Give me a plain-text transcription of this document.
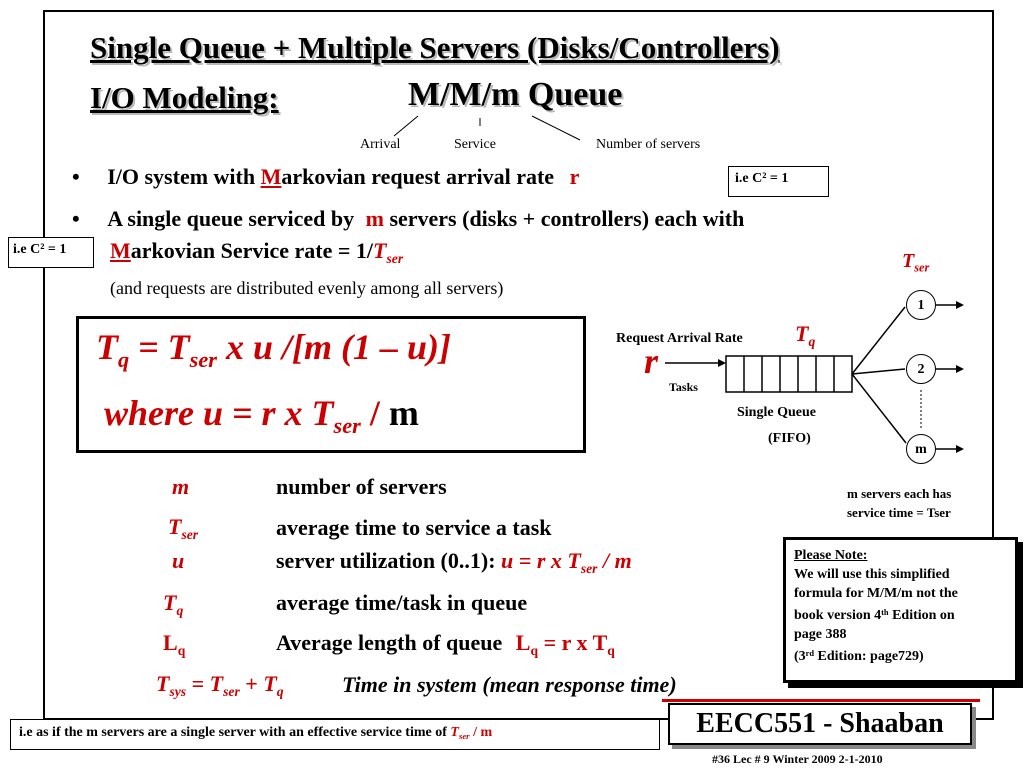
Single Queue + Multiple Servers (Disks/Controllers)
I/O Modeling:	M/M/m Queue
Arrival	Service	Number of servers
• I/O system with Markovian request arrival rate r	i.e C² = 1
• A single queue serviced by m servers (disks + controllers) each with
Markovian Service rate = $1/T_{ser}$
i.e C² = 1
(and requests are distributed evenly among all servers)
$T_q = T_{ser}$ x u /[m (1 – u)]
where u = r x $T_{ser}$ / m
1
2
m
$T_{ser}$
Request Arrival Rate $T_q$
r
Tasks
Single Queue
(FIFO)
m servers each has
service time = Tser
m	number of servers
$T_{ser}$	average time to service a task
u	server utilization (0..1): u = r x $T_{ser}$ / m
$T_q$	average time/task in queue
$L_q$	Average length of queue $L_q = r$ x $T_q$
$T_{sys} = T_{ser} + T_q$	Time in system (mean response time)
Please Note:
We will use this simplified
formula for M/M/m not the
book version 4th Edition on
page 388
(3rd Edition: page729)
i.e as if the m servers are a single server with an effective service time of $T_{ser}$ / m	EECC551 - Shaaban
#36 Lec # 9 Winter 2009 2-1-2010
